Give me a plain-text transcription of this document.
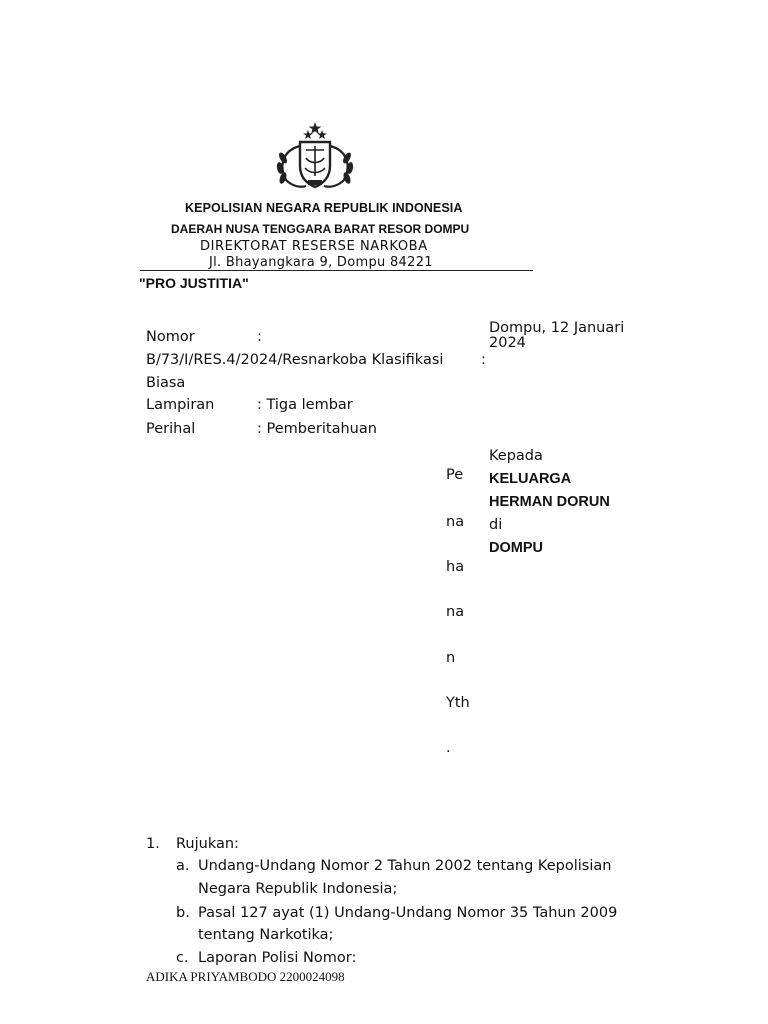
KEPOLISIAN NEGARA REPUBLIK INDONESIA
DAERAH NUSA TENGGARA BARAT RESOR DOMPU
DIREKTORAT RESERSE NARKOBA
Jl. Bhayangkara 9, Dompu 84221
"PRO JUSTITIA"
Dompu, 12 Januari
2024
Nomor	:
B/73/I/RES.4/2024/Resnarkoba Klasifikasi	:
Biasa
Lampiran	: Tiga lembar
Perihal	: Pemberitahuan
Pe
na
ha
na
n
Yth
.
Kepada
KELUARGA
HERMAN DORUN
di
DOMPU
1. Rujukan:
a. Undang-Undang Nomor 2 Tahun 2002 tentang Kepolisian
Negara Republik Indonesia;
b. Pasal 127 ayat (1) Undang-Undang Nomor 35 Tahun 2009
tentang Narkotika;
c. Laporan Polisi Nomor:
ADIKA PRIYAMBODO 2200024098
